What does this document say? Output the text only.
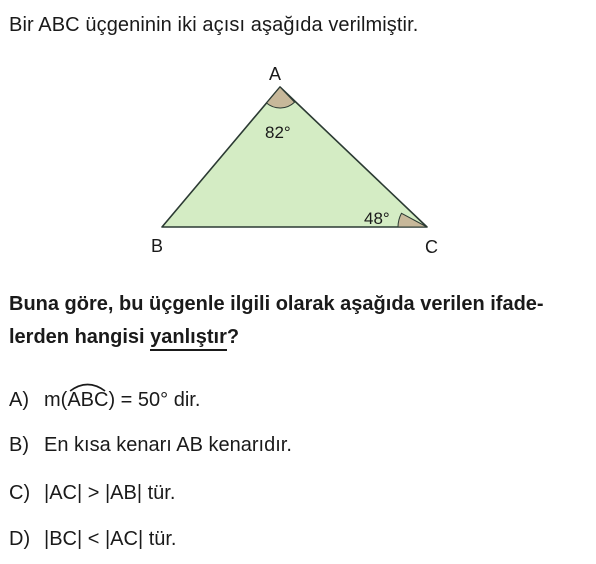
Bir ABC üçgeninin iki açısı aşağıda verilmiştir.
A
B	C
82°
48°
Buna göre, bu üçgenle ilgili olarak aşağıda verilen ifade-
lerden hangisi yanlıştır?
A) m(
ABC) = 50° dir.
B) En kısa kenarı AB kenarıdır.
C) |AC| > |AB| tür.
D) |BC| < |AC| tür.
